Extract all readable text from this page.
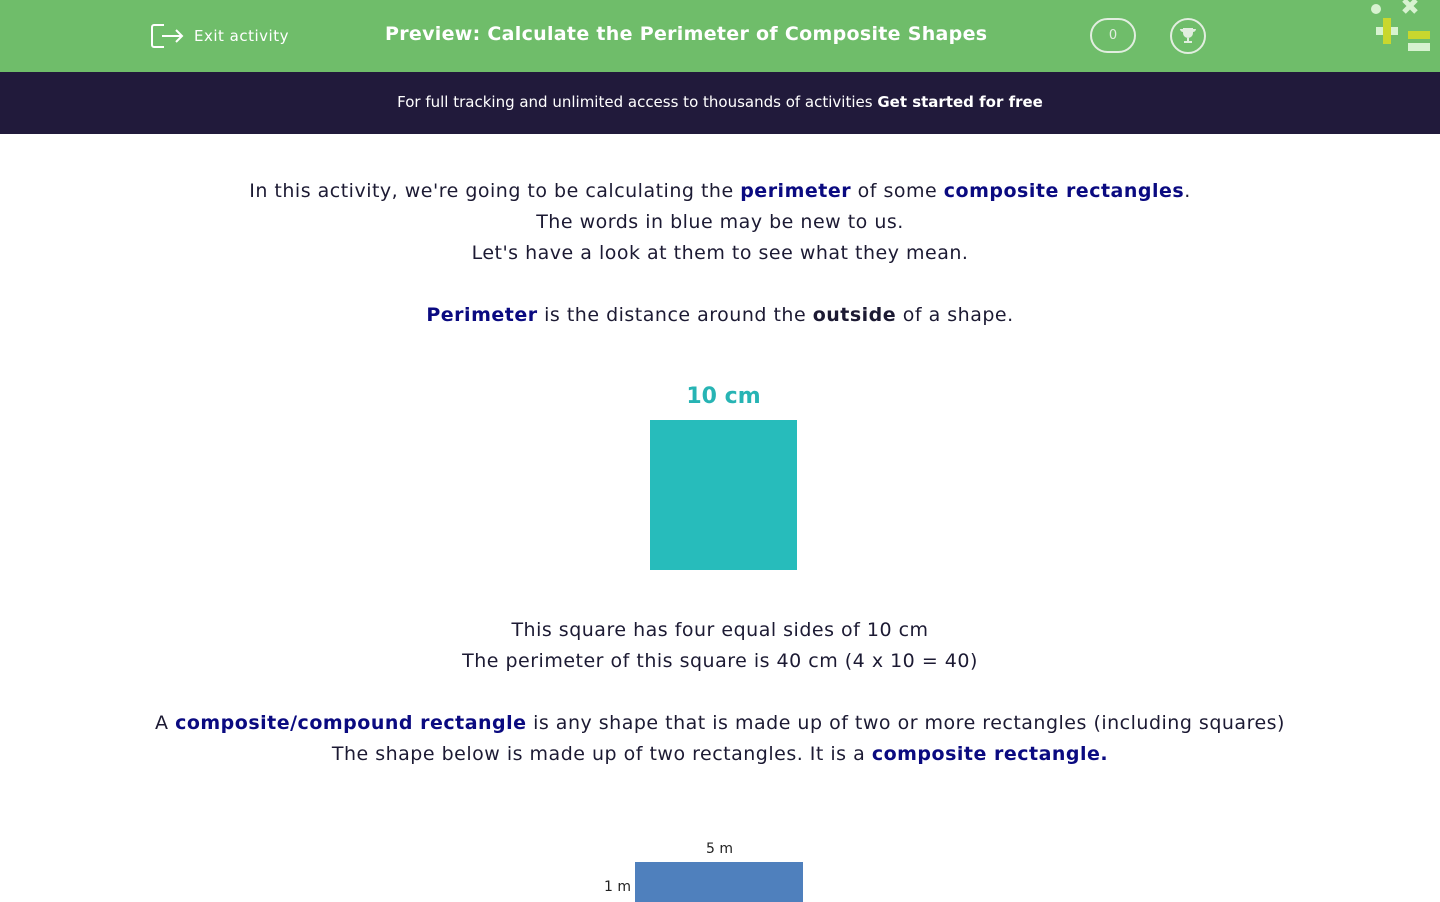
Exit activity	Preview: Calculate the Perimeter of Composite Shapes	0
For full tracking and unlimited access to thousands of activities Get started for free
In this activity, we're going to be calculating the perimeter of some composite rectangles.
The words in blue may be new to us.
Let's have a look at them to see what they mean.
Perimeter is the distance around the outside of a shape.
10 cm
This square has four equal sides of 10 cm
The perimeter of this square is 40 cm (4 x 10 = 40)
A composite/compound rectangle is any shape that is made up of two or more rectangles (including squares)
The shape below is made up of two rectangles. It is a composite rectangle.
5 m
1 m
